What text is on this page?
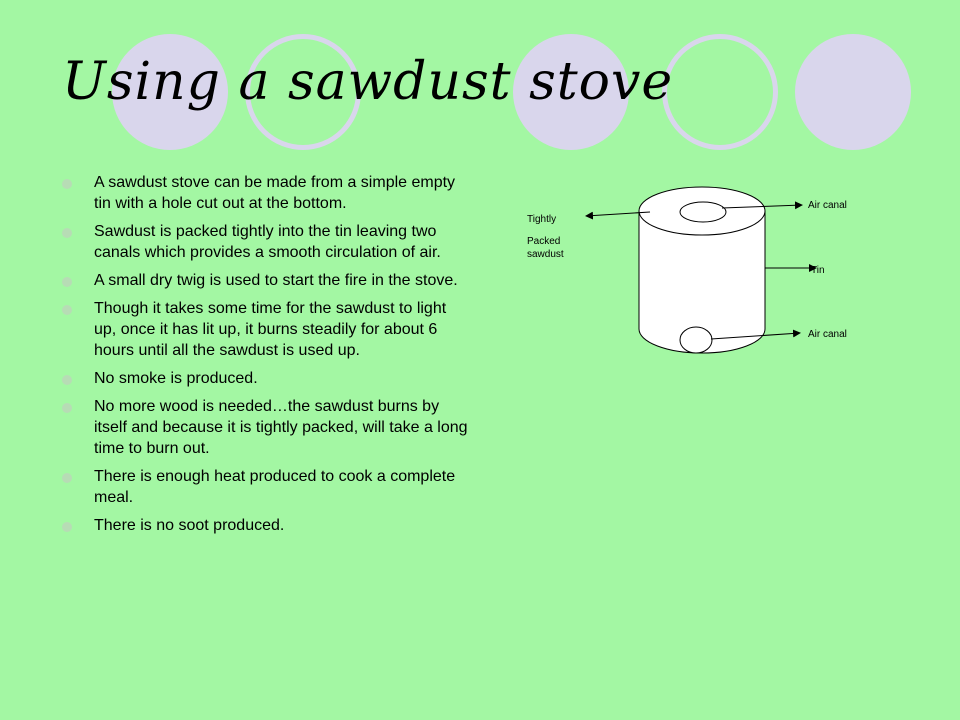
Using a sawdust stove
A sawdust stove can be made from a simple empty tin with a hole cut out at the bottom.
Sawdust is packed tightly into the tin leaving two canals which provides a smooth circulation of air.
A small dry twig is used to start the fire in the stove.
Though it takes some time for the sawdust to light up, once it has lit up, it burns steadily for about 6 hours until all the sawdust is used up.
No smoke is produced.
No more wood is needed…the sawdust burns by itself and because it is tightly packed, will take a long time to burn out.
There is enough heat produced to cook a complete meal.
There is no soot produced.
Tightly
Packed
sawdust
Air canal
Tin
Air canal
